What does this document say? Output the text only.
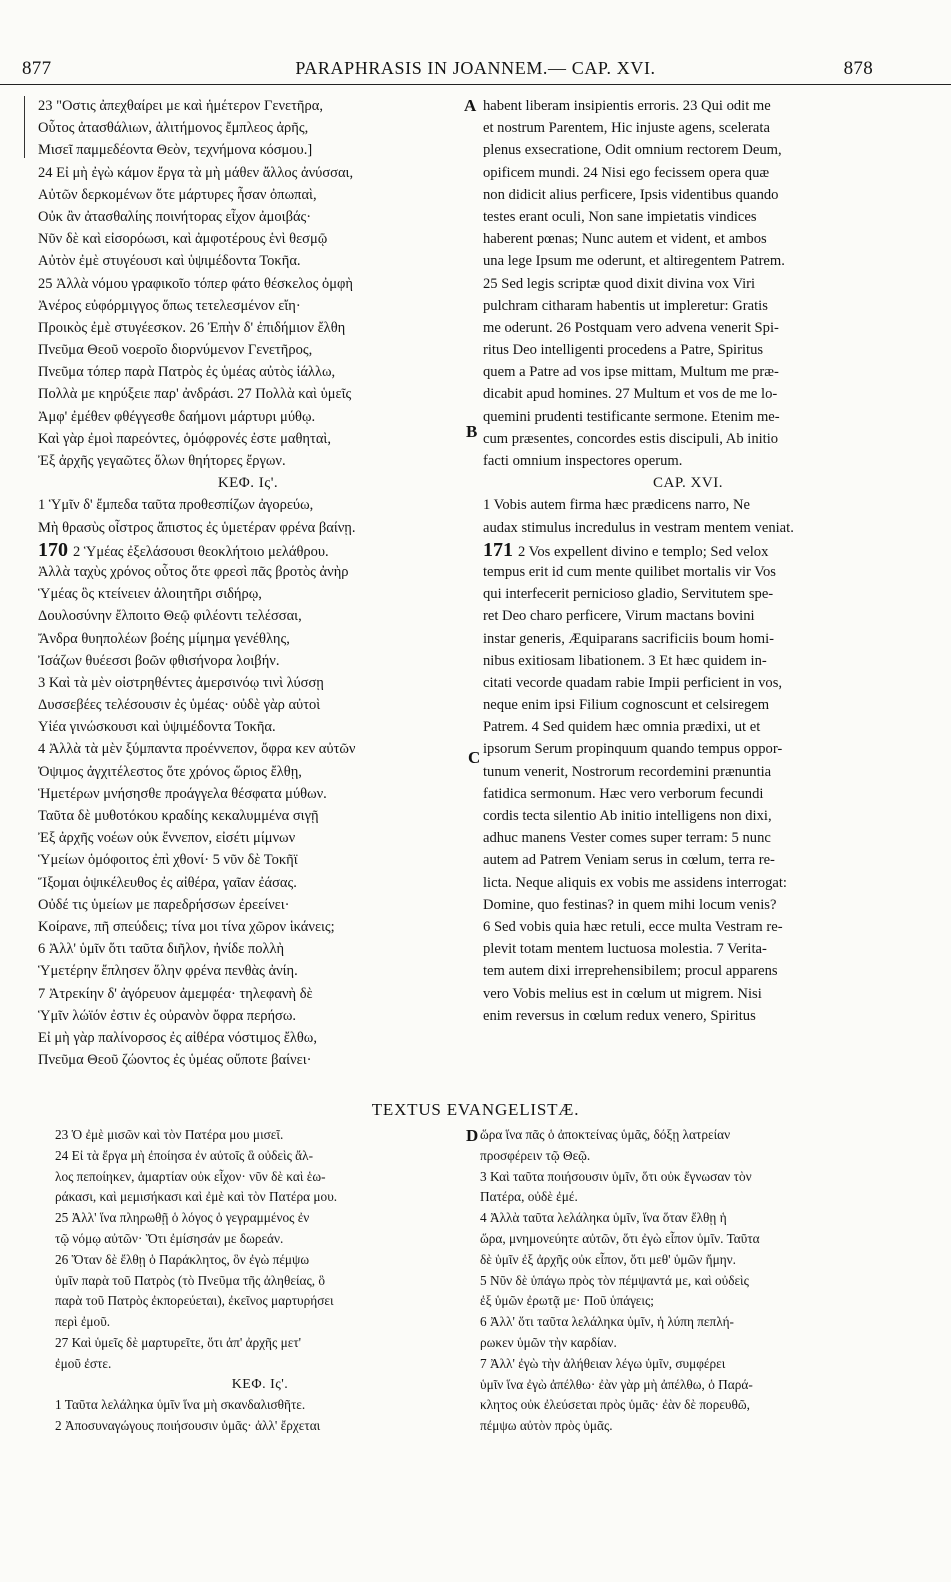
877	PARAPHRASIS IN JOANNEM.— CAP. XVI.	878
A
B
C
D
23 "Οστις ἀπεχθαίρει με καὶ ἡμέτερον Γενετῆρα,
Οὗτος ἀτασθάλιων, ἀλιτήμονος ἔμπλεος ἀρῆς,
Μισεῖ παμμεδέοντα Θεὸν, τεχνήμονα κόσμου.]
24 Εἰ μὴ ἐγὼ κάμον ἔργα τὰ μὴ μάθεν ἄλλος ἀνύσσαι,
Αὐτῶν δερκομένων ὅτε μάρτυρες ἦσαν ὀπωπαὶ,
Οὐκ ἂν ἀτασθαλίης ποινήτορας εἶχον ἀμοιβάς·
Νῦν δὲ καὶ εἰσορόωσι, καὶ ἀμφοτέρους ἑνὶ θεσμῷ
Αὐτὸν ἐμὲ στυγέουσι καὶ ὑψιμέδοντα Τοκῆα.
25 Ἀλλὰ νόμου γραφικοῖο τόπερ φάτο θέσκελος ὀμφὴ
Ἀνέρος εὐφόρμιγγος ὅπως τετελεσμένον εἴη·
Προικὸς ἐμὲ στυγέεσκον. 26 Ἐπὴν δ' ἐπιδήμιον ἔλθη
Πνεῦμα Θεοῦ νοεροῖο διορνύμενον Γενετῆρος,
Πνεῦμα τόπερ παρὰ Πατρὸς ἐς ὑμέας αὐτὸς ἰάλλω,
Πολλὰ με κηρύξειε παρ' ἀνδράσι. 27 Πολλὰ καὶ ὑμεῖς
Ἀμφ' ἐμέθεν φθέγγεσθε δαήμονι μάρτυρι μύθῳ.
Καὶ γὰρ ἐμοὶ παρεόντες, ὁμόφρονές ἐστε μαθηταὶ,
Ἐξ ἀρχῆς γεγαῶτες ὅλων θηήτορες ἔργων.
ΚΕΦ. Ις'.
1 Ὑμῖν δ' ἔμπεδα ταῦτα προθεσπίζων ἀγορεύω,
Μὴ θρασὺς οἶστρος ἄπιστος ἐς ὑμετέραν φρένα βαίνῃ.
170 2 Ὑμέας ἐξελάσουσι θεοκλήτοιο μελάθρου.
Ἀλλὰ ταχὺς χρόνος οὗτος ὅτε φρεσὶ πᾶς βροτὸς ἀνὴρ
Ὑμέας ὃς κτείνειεν ἀλοιητῆρι σιδήρῳ,
Δουλοσύνην ἔλποιτο Θεῷ φιλέοντι τελέσσαι,
Ἄνδρα θυηπολέων βοέης μίμημα γενέθλης,
Ἰσάζων θυέεσσι βοῶν φθισήνορα λοιβήν.
3 Καὶ τὰ μὲν οἰστρηθέντες ἀμερσινόῳ τινὶ λύσσῃ
Δυσσεβέες τελέσουσιν ἐς ὑμέας· οὐδὲ γὰρ αὐτοὶ
Υἱέα γινώσκουσι καὶ ὑψιμέδοντα Τοκῆα.
4 Ἀλλὰ τὰ μὲν ξύμπαντα προέννεπον, ὄφρα κεν αὐτῶν
Ὀψιμος ἀγχιτέλεστος ὅτε χρόνος ὥριος ἔλθῃ,
Ἡμετέρων μνήσησθε προάγγελα θέσφατα μύθων.
Ταῦτα δὲ μυθοτόκου κραδίης κεκαλυμμένα σιγῇ
Ἐξ ἀρχῆς νοέων οὐκ ἔννεπον, εἰσέτι μίμνων
Ὑμείων ὁμόφοιτος ἐπὶ χθονί· 5 νῦν δὲ Τοκῆϊ
Ἵξομαι ὀψικέλευθος ἐς αἰθέρα, γαῖαν ἐάσας.
Οὐδέ τις ὑμείων με παρεδρήσσων ἐρεείνει·
Κοίρανε, πῆ σπεύδεις; τίνα μοι τίνα χῶρον ἱκάνεις;
6 Ἀλλ' ὑμῖν ὅτι ταῦτα διῆλον, ἠνίδε πολλὴ
Ὑμετέρην ἔπλησεν ὅλην φρένα πενθὰς ἀνίη.
7 Ἀτρεκίην δ' ἀγόρευον ἀμεμφέα· τηλεφανὴ δὲ
Ὑμῖν λώϊόν ἐστιν ἐς οὐρανὸν ὄφρα περήσω.
Εἰ μὴ γὰρ παλίνορσος ἐς αἰθέρα νόστιμος ἔλθω,
Πνεῦμα Θεοῦ ζώοντος ἐς ὑμέας οὔποτε βαίνει·
habent liberam insipientis erroris. 23 Qui odit me
et nostrum Parentem, Hic injuste agens, scelerata
plenus exsecratione, Odit omnium rectorem Deum,
opificem mundi. 24 Nisi ego fecissem opera quæ
non didicit alius perficere, Ipsis videntibus quando
testes erant oculi, Non sane impietatis vindices
haberent pœnas; Nunc autem et vident, et ambos
una lege Ipsum me oderunt, et altiregentem Patrem.
25 Sed legis scriptæ quod dixit divina vox Viri
pulchram citharam habentis ut impleretur: Gratis
me oderunt. 26 Postquam vero advena venerit Spi-
ritus Deo intelligenti procedens a Patre, Spiritus
quem a Patre ad vos ipse mittam, Multum me præ-
dicabit apud homines. 27 Multum et vos de me lo-
quemini prudenti testificante sermone. Etenim me-
cum præsentes, concordes estis discipuli, Ab initio
facti omnium inspectores operum.
CAP. XVI.
1 Vobis autem firma hæc prædicens narro, Ne
audax stimulus incredulus in vestram mentem veniat.
171 2 Vos expellent divino e templo; Sed velox
tempus erit id cum mente quilibet mortalis vir Vos
qui interfecerit pernicioso gladio, Servitutem spe-
ret Deo charo perficere, Virum mactans bovini
instar generis, Æquiparans sacrificiis boum homi-
nibus exitiosam libationem. 3 Et hæc quidem in-
citati vecorde quadam rabie Impii perficient in vos,
neque enim ipsi Filium cognoscunt et celsiregem
Patrem. 4 Sed quidem hæc omnia prædixi, ut et
ipsorum Serum propinquum quando tempus oppor-
tunum venerit, Nostrorum recordemini prænuntia
fatidica sermonum. Hæc vero verborum fecundi
cordis tecta silentio Ab initio intelligens non dixi,
adhuc manens Vester comes super terram: 5 nunc
autem ad Patrem Veniam serus in cœlum, terra re-
licta. Neque aliquis ex vobis me assidens interrogat:
Domine, quo festinas? in quem mihi locum venis?
6 Sed vobis quia hæc retuli, ecce multa Vestram re-
plevit totam mentem luctuosa molestia. 7 Verita-
tem autem dixi irreprehensibilem; procul apparens
vero Vobis melius est in cœlum ut migrem. Nisi
enim reversus in cœlum redux venero, Spiritus
TEXTUS EVANGELISTÆ.
23 Ὁ ἐμὲ μισῶν καὶ τὸν Πατέρα μου μισεῖ.
24 Εἰ τὰ ἔργα μὴ ἐποίησα ἐν αὐτοῖς ἃ οὐδεὶς ἄλ-
λος πεποίηκεν, ἁμαρτίαν οὐκ εἶχον· νῦν δὲ καὶ ἑω-
ράκασι, καὶ μεμισήκασι καὶ ἐμὲ καὶ τὸν Πατέρα μου.
25 Ἀλλ' ἵνα πληρωθῇ ὁ λόγος ὁ γεγραμμένος ἐν
τῷ νόμῳ αὐτῶν· Ὅτι ἐμίσησάν με δωρεάν.
26 Ὅταν δὲ ἔλθῃ ὁ Παράκλητος, ὃν ἐγὼ πέμψω
ὑμῖν παρὰ τοῦ Πατρὸς (τὸ Πνεῦμα τῆς ἀληθείας, ὃ
παρὰ τοῦ Πατρὸς ἐκπορεύεται), ἐκεῖνος μαρτυρήσει
περὶ ἐμοῦ.
27 Καὶ ὑμεῖς δὲ μαρτυρεῖτε, ὅτι ἀπ' ἀρχῆς μετ'
ἐμοῦ ἐστε.
ΚΕΦ. Ις'.
1 Ταῦτα λελάληκα ὑμῖν ἵνα μὴ σκανδαλισθῆτε.
2 Ἀποσυναγώγους ποιήσουσιν ὑμᾶς· ἀλλ' ἔρχεται
ὥρα ἵνα πᾶς ὁ ἀποκτείνας ὑμᾶς, δόξῃ λατρείαν
προσφέρειν τῷ Θεῷ.
3 Καὶ ταῦτα ποιήσουσιν ὑμῖν, ὅτι οὐκ ἔγνωσαν τὸν
Πατέρα, οὐδὲ ἐμέ.
4 Ἀλλὰ ταῦτα λελάληκα ὑμῖν, ἵνα ὅταν ἔλθῃ ἡ
ὥρα, μνημονεύητε αὐτῶν, ὅτι ἐγὼ εἶπον ὑμῖν. Ταῦτα
δὲ ὑμῖν ἐξ ἀρχῆς οὐκ εἶπον, ὅτι μεθ' ὑμῶν ἤμην.
5 Νῦν δὲ ὑπάγω πρὸς τὸν πέμψαντά με, καὶ οὐδεὶς
ἐξ ὑμῶν ἐρωτᾷ με· Ποῦ ὑπάγεις;
6 Ἀλλ' ὅτι ταῦτα λελάληκα ὑμῖν, ἡ λύπη πεπλή-
ρωκεν ὑμῶν τὴν καρδίαν.
7 Ἀλλ' ἐγὼ τὴν ἀλήθειαν λέγω ὑμῖν, συμφέρει
ὑμῖν ἵνα ἐγὼ ἀπέλθω· ἐὰν γὰρ μὴ ἀπέλθω, ὁ Παρά-
κλητος οὐκ ἐλεύσεται πρὸς ὑμᾶς· ἐὰν δὲ πορευθῶ,
πέμψω αὐτὸν πρὸς ὑμᾶς.
